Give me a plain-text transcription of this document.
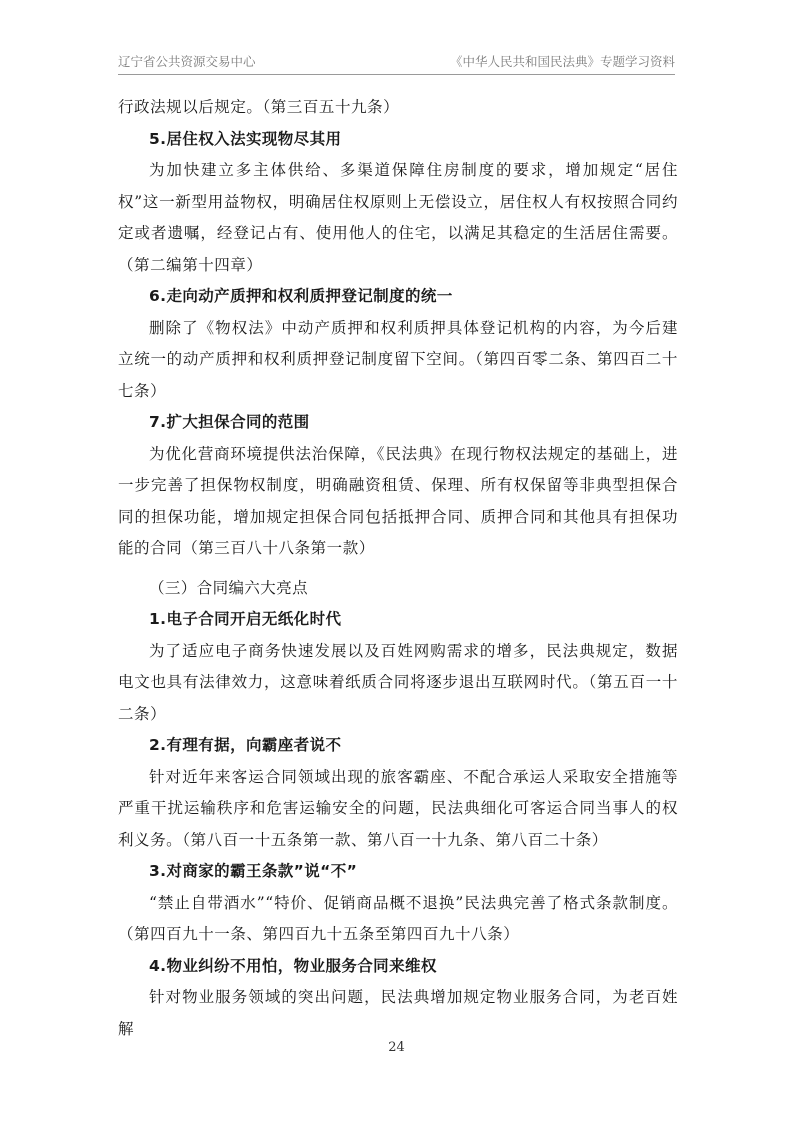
辽宁省公共资源交易中心	《中华人民共和国民法典》专题学习资料

行政法规以后规定。（第三百五十九条）

5.居住权入法实现物尽其用

为加快建立多主体供给、多渠道保障住房制度的要求，增加规定“居住权”这一新型用益物权，明确居住权原则上无偿设立，居住权人有权按照合同约定或者遗嘱，经登记占有、使用他人的住宅，以满足其稳定的生活居住需要。（第二编第十四章）

6.走向动产质押和权利质押登记制度的统一

删除了《物权法》中动产质押和权利质押具体登记机构的内容，为今后建立统一的动产质押和权利质押登记制度留下空间。（第四百零二条、第四百二十七条）

7.扩大担保合同的范围

为优化营商环境提供法治保障，《民法典》在现行物权法规定的基础上，进一步完善了担保物权制度，明确融资租赁、保理、所有权保留等非典型担保合同的担保功能，增加规定担保合同包括抵押合同、质押合同和其他具有担保功能的合同（第三百八十八条第一款）

（三）合同编六大亮点

1.电子合同开启无纸化时代

为了适应电子商务快速发展以及百姓网购需求的增多，民法典规定，数据电文也具有法律效力，这意味着纸质合同将逐步退出互联网时代。（第五百一十二条）

2.有理有据，向霸座者说不

针对近年来客运合同领域出现的旅客霸座、不配合承运人采取安全措施等严重干扰运输秩序和危害运输安全的问题，民法典细化可客运合同当事人的权利义务。（第八百一十五条第一款、第八百一十九条、第八百二十条）

3.对商家的霸王条款”说“不”

“禁止自带酒水”“特价、促销商品概不退换”民法典完善了格式条款制度。（第四百九十一条、第四百九十五条至第四百九十八条）

4.物业纠纷不用怕，物业服务合同来维权

针对物业服务领域的突出问题，民法典增加规定物业服务合同，为老百姓解

24
